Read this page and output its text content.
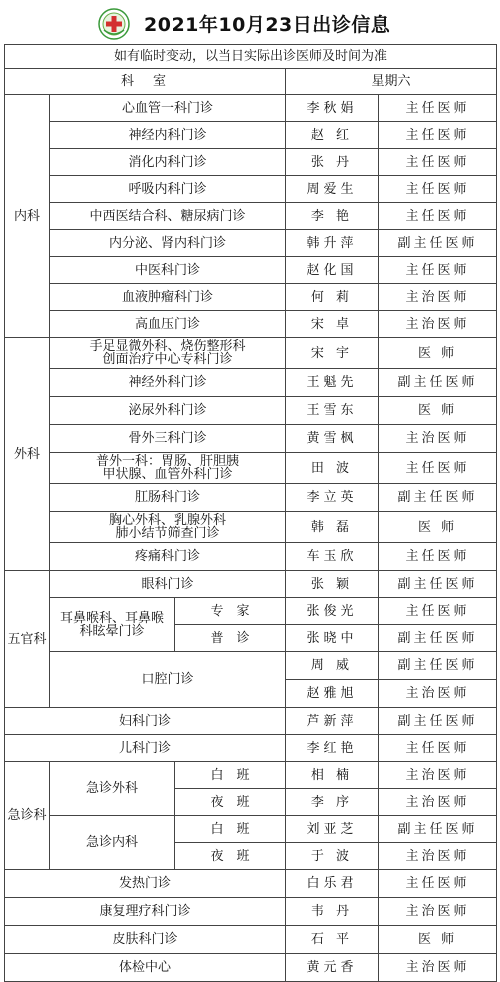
2021年10月23日出诊信息
如有临时变动，以当日实际出诊医师及时间为准				
科　室			星期六	
内科	心血管一科门诊		李秋娟	主任医师
	神经内科门诊		赵 红	主任医师
	消化内科门诊		张 丹	主任医师
	呼吸内科门诊		周爱生	主任医师
	中西医结合科、糖尿病门诊		李 艳	主任医师
	内分泌、肾内科门诊		韩升萍	副主任医师
	中医科门诊		赵化国	主任医师
	血液肿瘤科门诊		何 莉	主治医师
	高血压门诊		宋 卓	主治医师
外科	手足显微外科、烧伤整形科
创面治疗中心专科门诊		宋 宇	医 师
	神经外科门诊		王魁先	副主任医师
	泌尿外科门诊		王雪东	医 师
	骨外三科门诊		黄雪枫	主治医师
	普外一科：胃肠、肝胆胰
甲状腺、血管外科门诊		田 波	主任医师
	肛肠科门诊		李立英	副主任医师
	胸心外科、乳腺外科
肺小结节筛查门诊		韩 磊	医 师
	疼痛科门诊		车玉欣	主任医师
五官科	眼科门诊		张 颖	副主任医师
	耳鼻喉科、耳鼻喉
科眩晕门诊	专　家	张俊光	主任医师
		普　诊	张晓中	副主任医师
	口腔门诊		周 威	副主任医师
			赵雅旭	主治医师
妇科门诊			芦新萍	副主任医师
儿科门诊			李红艳	主任医师
急诊科	急诊外科	白　班	相 楠	主治医师
		夜　班	李 序	主治医师
	急诊内科	白　班	刘亚芝	副主任医师
		夜　班	于 波	主治医师
发热门诊			白乐君	主任医师
康复理疗科门诊			韦 丹	主治医师
皮肤科门诊			石 平	医 师
体检中心			黄元香	主治医师
